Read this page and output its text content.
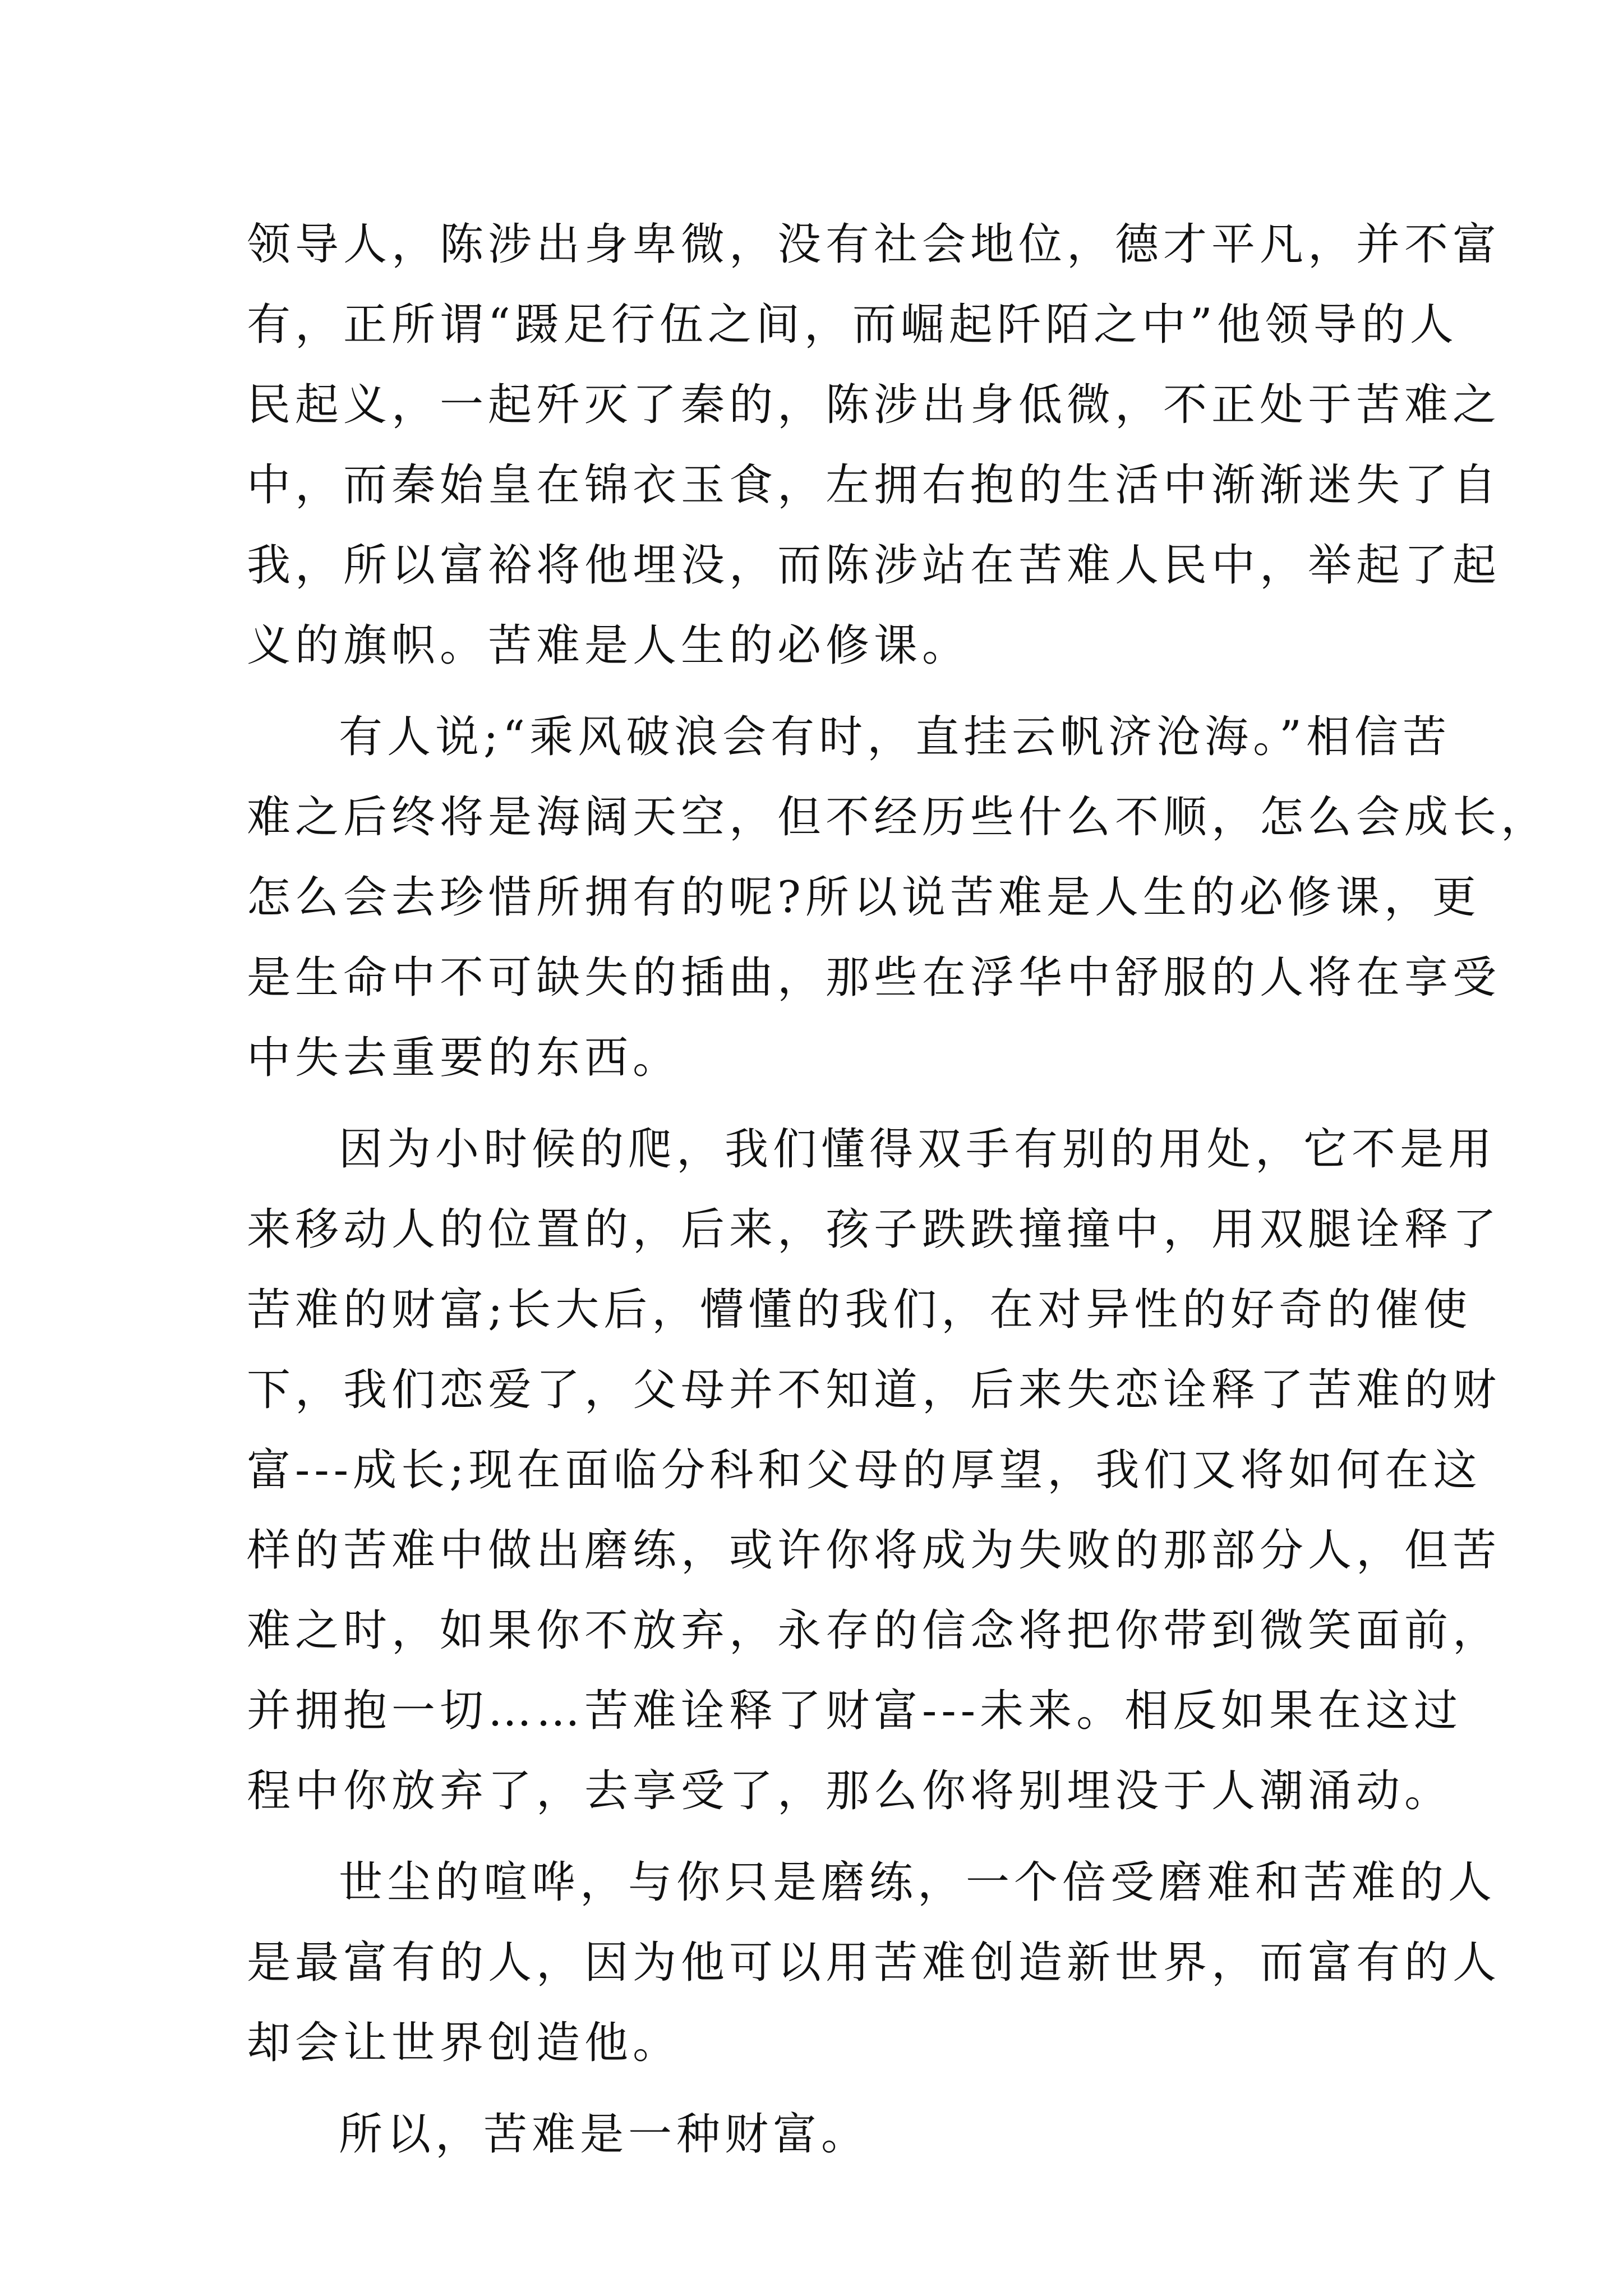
领导人，陈涉出身卑微，没有社会地位，德才平凡，并不富
有，正所谓“蹑足行伍之间，而崛起阡陌之中”他领导的人
民起义，一起歼灭了秦的，陈涉出身低微，不正处于苦难之
中，而秦始皇在锦衣玉食，左拥右抱的生活中渐渐迷失了自
我，所以富裕将他埋没，而陈涉站在苦难人民中，举起了起
义的旗帜。苦难是人生的必修课。
有人说;“乘风破浪会有时，直挂云帆济沧海。”相信苦
难之后终将是海阔天空，但不经历些什么不顺，怎么会成长，
怎么会去珍惜所拥有的呢?所以说苦难是人生的必修课，更
是生命中不可缺失的插曲，那些在浮华中舒服的人将在享受
中失去重要的东西。
因为小时候的爬，我们懂得双手有别的用处，它不是用
来移动人的位置的，后来，孩子跌跌撞撞中，用双腿诠释了
苦难的财富;长大后，懵懂的我们，在对异性的好奇的催使
下，我们恋爱了，父母并不知道，后来失恋诠释了苦难的财
富---成长;现在面临分科和父母的厚望，我们又将如何在这
样的苦难中做出磨练，或许你将成为失败的那部分人，但苦
难之时，如果你不放弃，永存的信念将把你带到微笑面前，
并拥抱一切……苦难诠释了财富---未来。相反如果在这过
程中你放弃了，去享受了，那么你将别埋没于人潮涌动。
世尘的喧哗，与你只是磨练，一个倍受磨难和苦难的人
是最富有的人，因为他可以用苦难创造新世界，而富有的人
却会让世界创造他。
所以，苦难是一种财富。
